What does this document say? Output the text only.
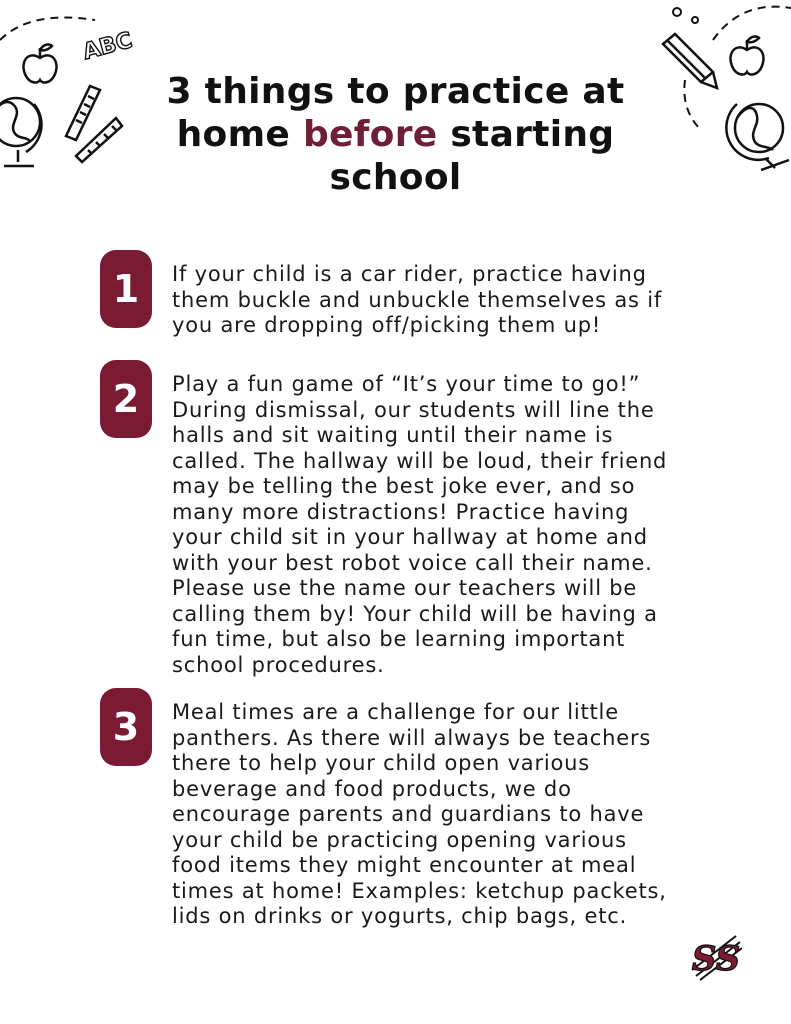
ABC
3 things to practice at home before starting school
1	If your child is a car rider, practice having them buckle and unbuckle themselves as if you are dropping off/picking them up!
2	Play a fun game of “It’s your time to go!” During dismissal, our students will line the halls and sit waiting until their name is called. The hallway will be loud, their friend may be telling the best joke ever, and so many more distractions! Practice having your child sit in your hallway at home and with your best robot voice call their name. Please use the name our teachers will be calling them by! Your child will be having a fun time, but also be learning important school procedures.
3	Meal times are a challenge for our little panthers. As there will always be teachers there to help your child open various beverage and food products, we do encourage parents and guardians to have your child be practicing opening various food items they might encounter at meal times at home! Examples: ketchup packets, lids on drinks or yogurts, chip bags, etc.
SS
